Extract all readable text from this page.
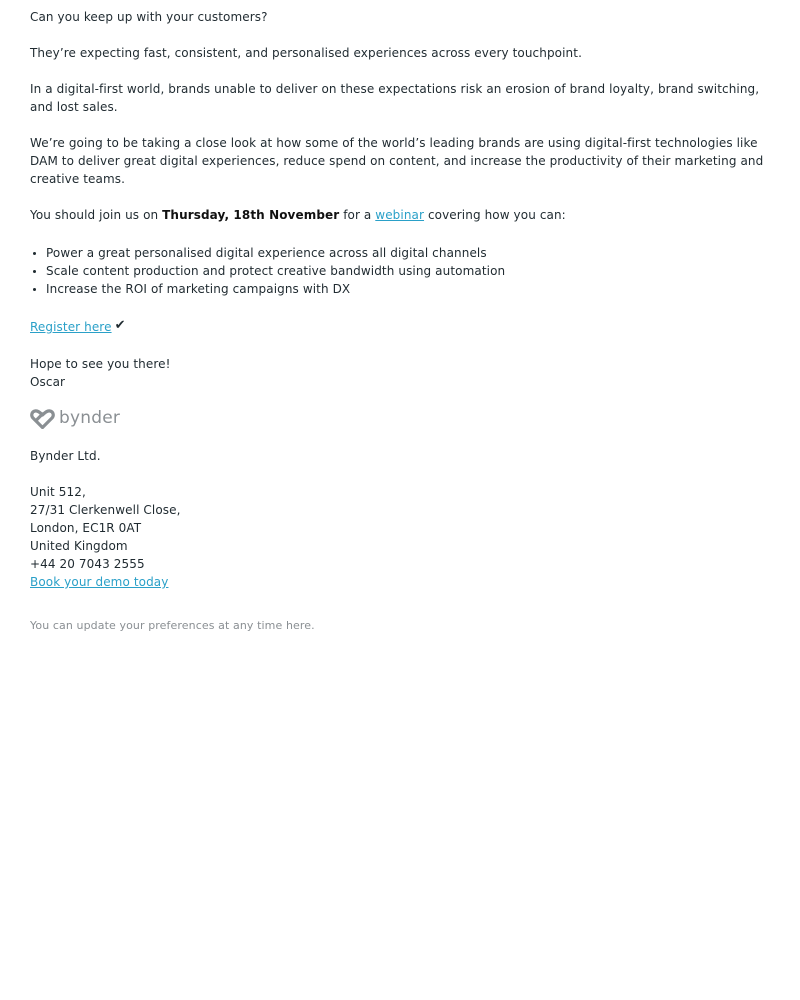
Can you keep up with your customers?

They’re expecting fast, consistent, and personalised experiences across every touchpoint.

In a digital-first world, brands unable to deliver on these expectations risk an erosion of brand loyalty, brand switching, and lost sales.

We’re going to be taking a close look at how some of the world’s leading brands are using digital-first technologies like DAM to deliver great digital experiences, reduce spend on content, and increase the productivity of their marketing and creative teams.

You should join us on Thursday, 18th November for a webinar covering how you can:

Power a great personalised digital experience across all digital channels
Scale content production and protect creative bandwidth using automation
Increase the ROI of marketing campaigns with DX

Register here ✔

Hope to see you there!

Oscar

bynder

Bynder Ltd.

Unit 512,

27/31 Clerkenwell Close,

London, EC1R 0AT

United Kingdom

+44 20 7043 2555

Book your demo today

You can update your preferences at any time here.
